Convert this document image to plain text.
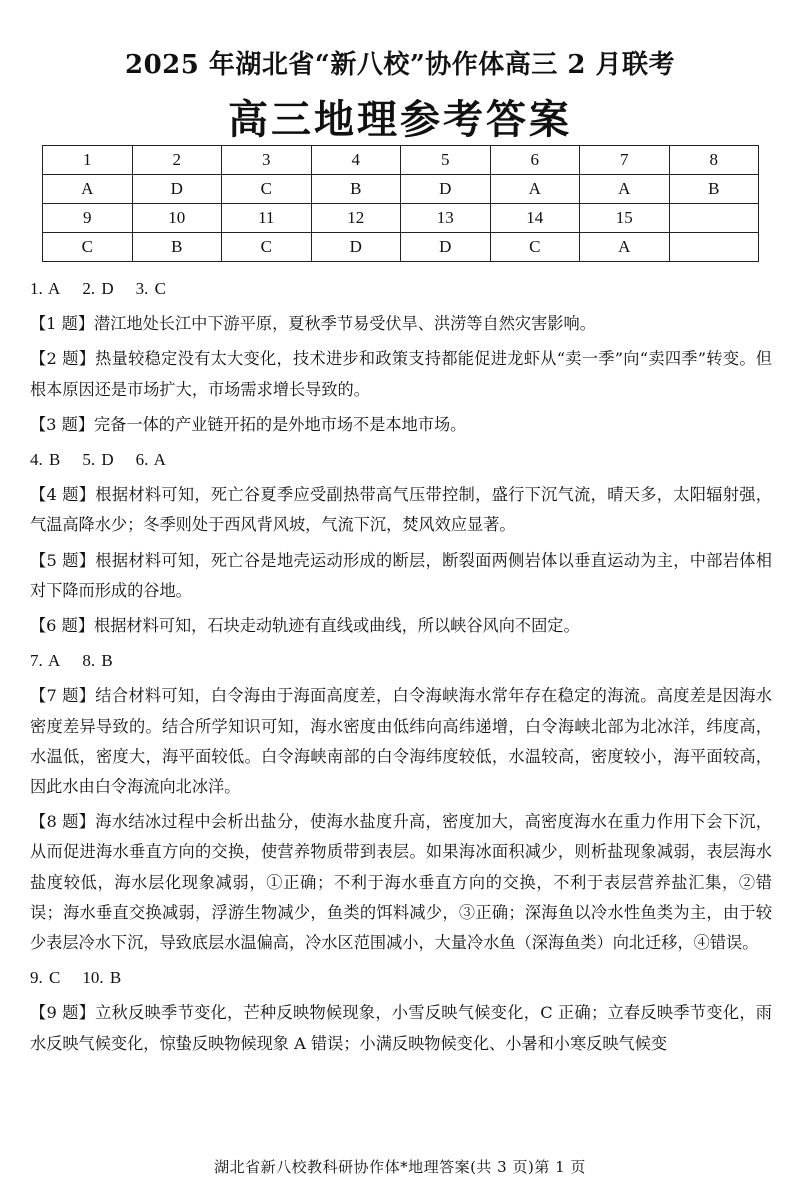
2025 年湖北省“新八校”协作体高三 2 月联考
高三地理参考答案
1	2	3	4	5	6	7	8
A	D	C	B	D	A	A	B
9	10	11	12	13	14	15	
C	B	C	D	D	C	A	

1. A 2. D 3. C

【1 题】潜江地处长江中下游平原，夏秋季节易受伏旱、洪涝等自然灾害影响。

【2 题】热量较稳定没有太大变化，技术进步和政策支持都能促进龙虾从“卖一季”向“卖四季”转变。但根本原因还是市场扩大，市场需求增长导致的。

【3 题】完备一体的产业链开拓的是外地市场不是本地市场。

4. B 5. D 6. A

【4 题】根据材料可知，死亡谷夏季应受副热带高气压带控制，盛行下沉气流，晴天多，太阳辐射强，气温高降水少；冬季则处于西风背风坡，气流下沉，焚风效应显著。

【5 题】根据材料可知，死亡谷是地壳运动形成的断层，断裂面两侧岩体以垂直运动为主，中部岩体相对下降而形成的谷地。

【6 题】根据材料可知，石块走动轨迹有直线或曲线，所以峡谷风向不固定。

7. A 8. B

【7 题】结合材料可知，白令海由于海面高度差，白令海峡海水常年存在稳定的海流。高度差是因海水密度差异导致的。结合所学知识可知，海水密度由低纬向高纬递增，白令海峡北部为北冰洋，纬度高，水温低，密度大，海平面较低。白令海峡南部的白令海纬度较低，水温较高，密度较小，海平面较高，因此水由白令海流向北冰洋。

【8 题】海水结冰过程中会析出盐分，使海水盐度升高，密度加大，高密度海水在重力作用下会下沉，从而促进海水垂直方向的交换，使营养物质带到表层。如果海冰面积减少，则析盐现象减弱，表层海水盐度较低，海水层化现象减弱，①正确；不利于海水垂直方向的交换，不利于表层营养盐汇集，②错误；海水垂直交换减弱，浮游生物减少，鱼类的饵料减少，③正确；深海鱼以冷水性鱼类为主，由于较少表层冷水下沉，导致底层水温偏高，冷水区范围减小，大量冷水鱼（深海鱼类）向北迁移，④错误。

9. C 10. B

【9 题】立秋反映季节变化，芒种反映物候现象，小雪反映气候变化，C 正确；立春反映季节变化，雨水反映气候变化，惊蛰反映物候现象 A 错误；小满反映物候变化、小暑和小寒反映气候变

湖北省新八校教科研协作体*地理答案(共 3 页)第 1 页
